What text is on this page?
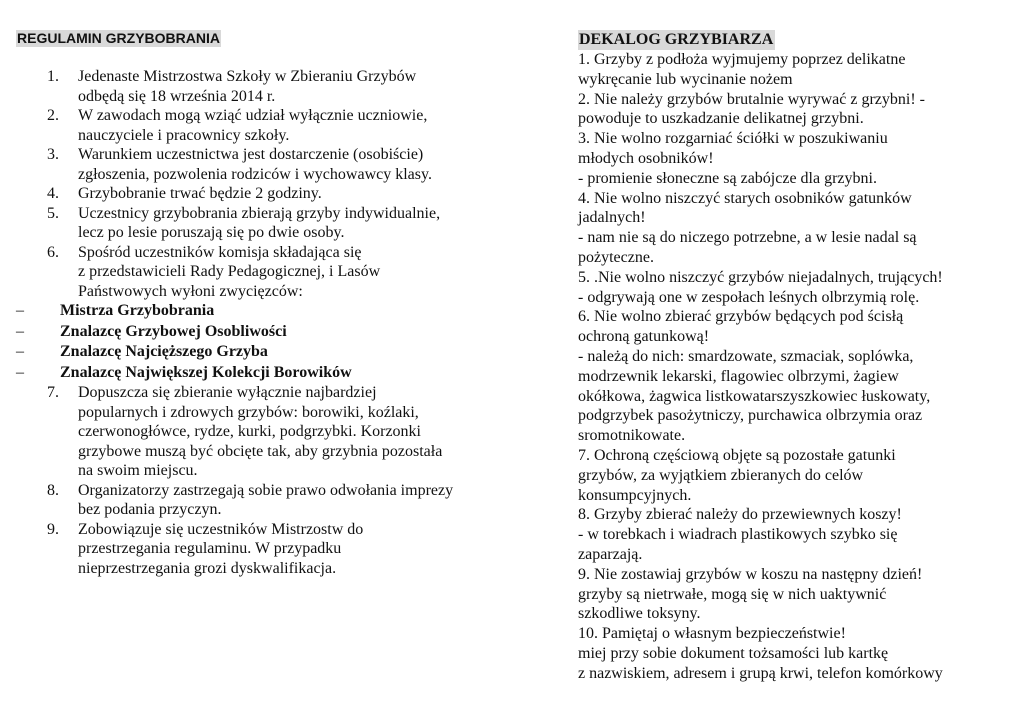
REGULAMIN GRZYBOBRANIA
1. Jedenaste Mistrzostwa Szkoły w Zbieraniu Grzybów
odbędą się 18 września 2014 r.
2. W zawodach mogą wziąć udział wyłącznie uczniowie,
nauczyciele i pracownicy szkoły.
3. Warunkiem uczestnictwa jest dostarczenie (osobiście)
zgłoszenia, pozwolenia rodziców i wychowawcy klasy.
4. Grzybobranie trwać będzie 2 godziny.
5. Uczestnicy grzybobrania zbierają grzyby indywidualnie,
lecz po lesie poruszają się po dwie osoby.
6. Spośród uczestników komisja składająca się
z przedstawicieli Rady Pedagogicznej, i Lasów
Państwowych wyłoni zwycięzców:
– Mistrza Grzybobrania
– Znalazcę Grzybowej Osobliwości
– Znalazcę Najcięższego Grzyba
– Znalazcę Największej Kolekcji Borowików
7. Dopuszcza się zbieranie wyłącznie najbardziej
popularnych i zdrowych grzybów: borowiki, koźlaki,
czerwonogłówce, rydze, kurki, podgrzybki. Korzonki
grzybowe muszą być obcięte tak, aby grzybnia pozostała
na swoim miejscu.
8. Organizatorzy zastrzegają sobie prawo odwołania imprezy
bez podania przyczyn.
9. Zobowiązuje się uczestników Mistrzostw do
przestrzegania regulaminu. W przypadku
nieprzestrzegania grozi dyskwalifikacja.
DEKALOG GRZYBIARZA
1. Grzyby z podłoża wyjmujemy poprzez delikatne
wykręcanie lub wycinanie nożem
2. Nie należy grzybów brutalnie wyrywać z grzybni! -
powoduje to uszkadzanie delikatnej grzybni.
3. Nie wolno rozgarniać ściółki w poszukiwaniu
młodych osobników!
- promienie słoneczne są zabójcze dla grzybni.
4. Nie wolno niszczyć starych osobników gatunków
jadalnych!
- nam nie są do niczego potrzebne, a w lesie nadal są
pożyteczne.
5. .Nie wolno niszczyć grzybów niejadalnych, trujących!
- odgrywają one w zespołach leśnych olbrzymią rolę.
6. Nie wolno zbierać grzybów będących pod ścisłą
ochroną gatunkową!
- należą do nich: smardzowate, szmaciak, soplówka,
modrzewnik lekarski, flagowiec olbrzymi, żagiew
okółkowa, żagwica listkowatarszyszkowiec łuskowaty,
podgrzybek pasożytniczy, purchawica olbrzymia oraz
sromotnikowate.
7. Ochroną częściową objęte są pozostałe gatunki
grzybów, za wyjątkiem zbieranych do celów
konsumpcyjnych.
8. Grzyby zbierać należy do przewiewnych koszy!
- w torebkach i wiadrach plastikowych szybko się
zaparzają.
9. Nie zostawiaj grzybów w koszu na następny dzień!
grzyby są nietrwałe, mogą się w nich uaktywnić
szkodliwe toksyny.
10. Pamiętaj o własnym bezpieczeństwie!
miej przy sobie dokument tożsamości lub kartkę
z nazwiskiem, adresem i grupą krwi, telefon komórkowy
